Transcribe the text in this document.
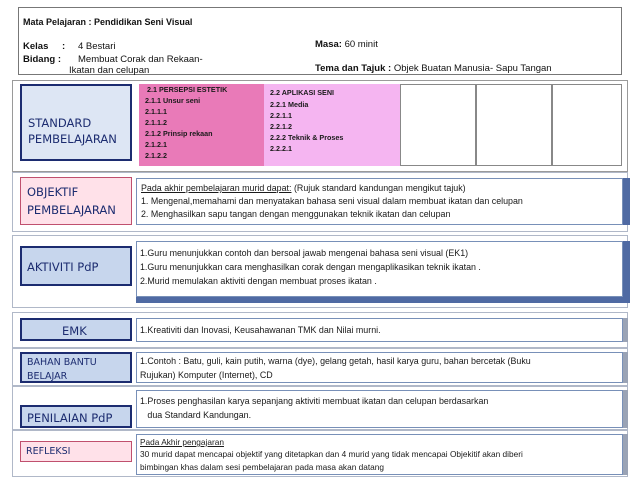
Mata Pelajaran : Pendidikan Seni Visual
Kelas : 4 Bestari
Bidang : Membuat Corak dan Rekaan-
Ikatan dan celupan
Masa: 60 minit
Tema dan Tajuk : Objek Buatan Manusia- Sapu Tangan
STANDARD
PEMBELAJARAN
2.1 PERSEPSI ESTETIK
2.1.1 Unsur seni
2.1.1.1
2.1.1.2
2.1.2 Prinsip rekaan
2.1.2.1
2.1.2.2
2.2 APLIKASI SENI
2.2.1 Media
2.2.1.1
2.2.1.2
2.2.2 Teknik & Proses
2.2.2.1
OBJEKTIF
PEMBELAJARAN
Pada akhir pembelajaran murid dapat: (Rujuk standard kandungan mengikut tajuk)
1. Mengenal,memahami dan menyatakan bahasa seni visual dalam membuat ikatan dan celupan
2. Menghasilkan sapu tangan dengan menggunakan teknik ikatan dan celupan
AKTIVITI PdP
1.Guru menunjukkan contoh dan bersoal jawab mengenai bahasa seni visual (EK1)
1.Guru menunjukkan cara menghasilkan corak dengan mengaplikasikan teknik ikatan .
2.Murid memulakan aktiviti dengan membuat proses ikatan .
EMK	1.Kreativiti dan Inovasi, Keusahawanan TMK dan Nilai murni.
BAHAN BANTU
BELAJAR
1.Contoh : Batu, guli, kain putih, warna (dye), gelang getah, hasil karya guru, bahan bercetak (Buku
Rujukan) Komputer (Internet), CD
PENILAIAN PdP
1.Proses penghasilan karya sepanjang aktiviti membuat ikatan dan celupan berdasarkan
dua Standard Kandungan.
REFLEKSI
Pada Akhir pengajaran
30 murid dapat mencapai objektif yang ditetapkan dan 4 murid yang tidak mencapai Objekitif akan diberi
bimbingan khas dalam sesi pembelajaran pada masa akan datang
